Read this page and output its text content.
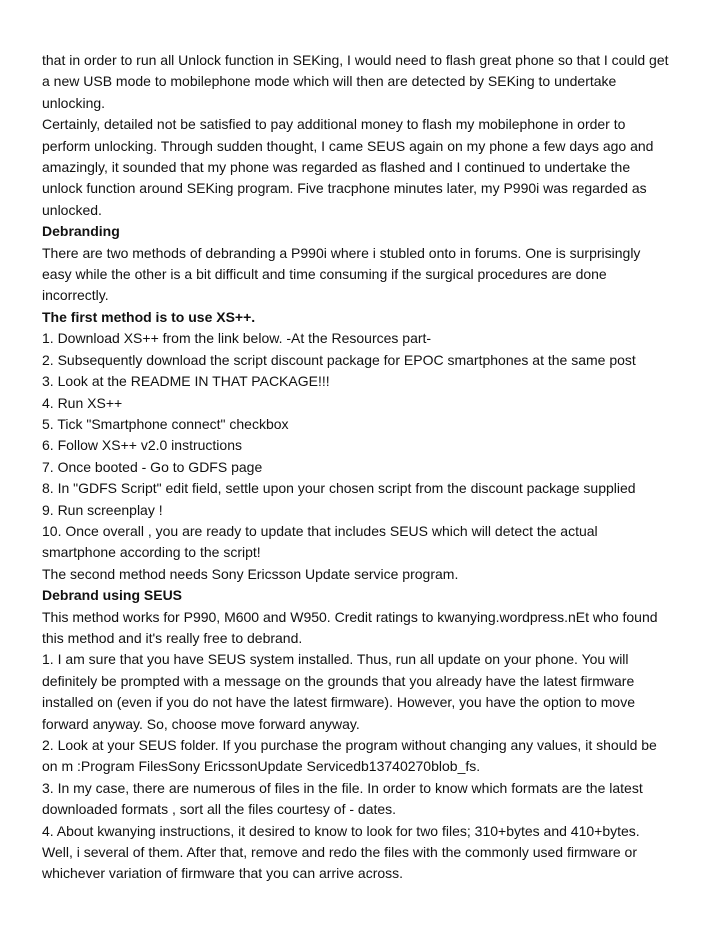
that in order to run all Unlock function in SEKing, I would need to flash great phone so that I could get

a new USB mode to mobilephone mode which will then are detected by SEKing to undertake

unlocking.

Certainly, detailed not be satisfied to pay additional money to flash my mobilephone in order to

perform unlocking. Through sudden thought, I came SEUS again on my phone a few days ago and

amazingly, it sounded that my phone was regarded as flashed and I continued to undertake the

unlock function around SEKing program. Five tracphone minutes later, my P990i was regarded as

unlocked.

Debranding

There are two methods of debranding a P990i where i stubled onto in forums. One is surprisingly

easy while the other is a bit difficult and time consuming if the surgical procedures are done

incorrectly.

The first method is to use XS++.

1. Download XS++ from the link below. -At the Resources part-

2. Subsequently download the script discount package for EPOC smartphones at the same post

3. Look at the README IN THAT PACKAGE!!!

4. Run XS++

5. Tick "Smartphone connect" checkbox

6. Follow XS++ v2.0 instructions

7. Once booted - Go to GDFS page

8. In "GDFS Script" edit field, settle upon your chosen script from the discount package supplied

9. Run screenplay !

10. Once overall , you are ready to update that includes SEUS which will detect the actual

smartphone according to the script!

The second method needs Sony Ericsson Update service program.

Debrand using SEUS

This method works for P990, M600 and W950. Credit ratings to kwanying.wordpress.nEt who found

this method and it's really free to debrand.

1. I am sure that you have SEUS system installed. Thus, run all update on your phone. You will

definitely be prompted with a message on the grounds that you already have the latest firmware

installed on (even if you do not have the latest firmware). However, you have the option to move

forward anyway. So, choose move forward anyway.

2. Look at your SEUS folder. If you purchase the program without changing any values, it should be

on m :Program FilesSony EricssonUpdate Servicedb13740270blob_fs.

3. In my case, there are numerous of files in the file. In order to know which formats are the latest

downloaded formats , sort all the files courtesy of - dates.

4. About kwanying instructions, it desired to know to look for two files; 310+bytes and 410+bytes.

Well, i several of them. After that, remove and redo the files with the commonly used firmware or

whichever variation of firmware that you can arrive across.
